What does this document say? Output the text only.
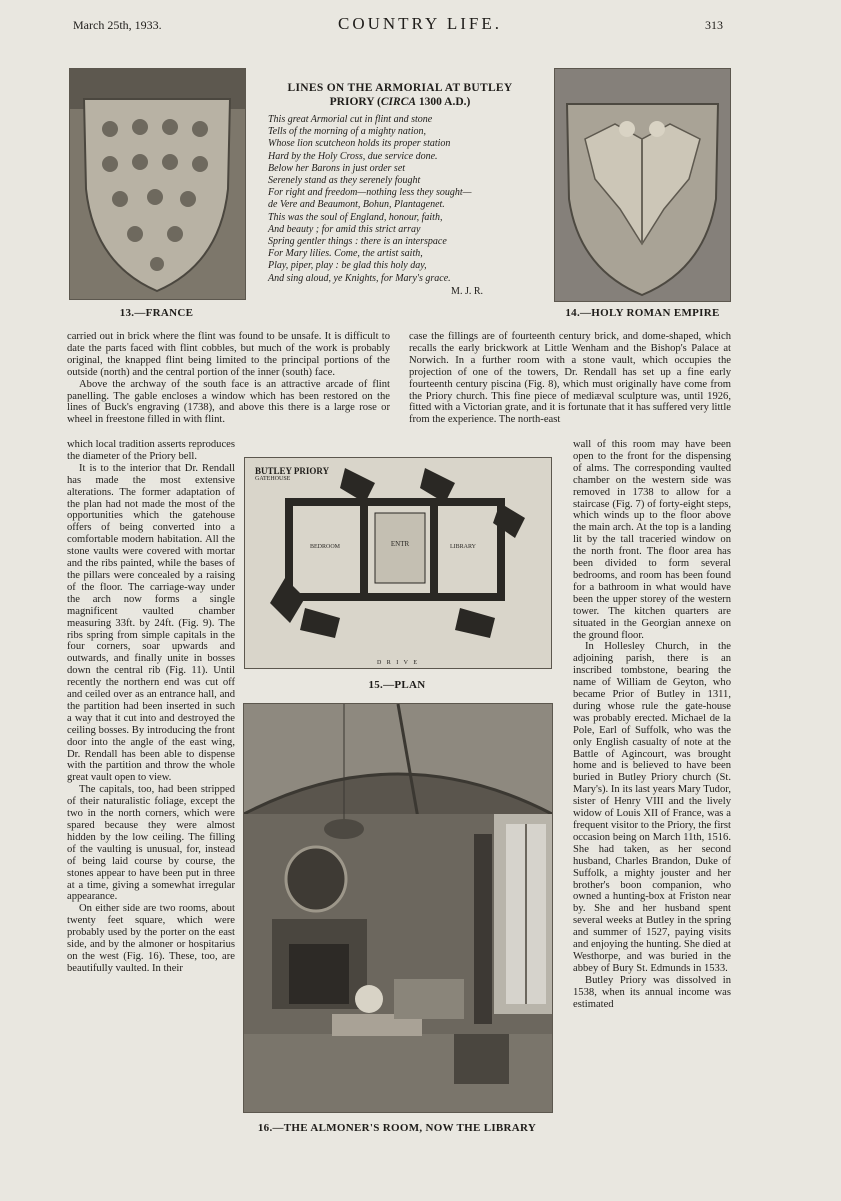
March 25th, 1933.	COUNTRY LIFE.	313
13.—FRANCE
LINES ON THE ARMORIAL AT BUTLEY
PRIORY (CIRCA 1300 A.D.)
This great Armorial cut in flint and stone
Tells of the morning of a mighty nation,
Whose lion scutcheon holds its proper station
Hard by the Holy Cross, due service done.
Below her Barons in just order set
Serenely stand as they serenely fought
For right and freedom—nothing less they sought—
de Vere and Beaumont, Bohun, Plantagenet.
This was the soul of England, honour, faith,
And beauty ; for amid this strict array
Spring gentler things : there is an interspace
For Mary lilies. Come, the artist saith,
Play, piper, play : be glad this holy day,
And sing aloud, ye Knights, for Mary's grace.
M. J. R.
14.—HOLY ROMAN EMPIRE

carried out in brick where the flint was found to be unsafe. It is difficult to date the parts faced with flint cobbles, but much of the work is probably original, the knapped flint being limited to the principal portions of the outside (north) and the central portion of the inner (south) face.

Above the archway of the south face is an attractive arcade of flint panelling. The gable encloses a window which has been restored on the lines of Buck's engraving (1738), and above this there is a large rose or wheel in freestone filled in with flint.

case the fillings are of fourteenth century brick, and dome-shaped, which recalls the early brickwork at Little Wenham and the Bishop's Palace at Norwich. In a further room with a stone vault, which occupies the projection of one of the towers, Dr. Rendall has set up a fine early fourteenth century piscina (Fig. 8), which must originally have come from the Priory church. This fine piece of mediæval sculpture was, until 1926, fitted with a Victorian grate, and it is fortunate that it has suffered very little from the experience. The north-east

which local tradition asserts reproduces the diameter of the Priory bell.

It is to the interior that Dr. Rendall has made the most extensive alterations. The former adaptation of the plan had not made the most of the opportunities which the gatehouse offers of being converted into a comfortable modern habitation. All the stone vaults were covered with mortar and the ribs painted, while the bases of the pillars were concealed by a raising of the floor. The carriage-way under the arch now forms a single magnificent vaulted chamber measuring 33ft. by 24ft. (Fig. 9). The ribs spring from simple capitals in the four corners, soar upwards and outwards, and finally unite in bosses down the central rib (Fig. 11). Until recently the northern end was cut off and ceiled over as an entrance hall, and the partition had been inserted in such a way that it cut into and destroyed the ceiling bosses. By introducing the front door into the angle of the east wing, Dr. Rendall has been able to dispense with the partition and throw the whole great vault open to view.

The capitals, too, had been stripped of their naturalistic foliage, except the two in the north corners, which were spared because they were almost hidden by the low ceiling. The filling of the vaulting is unusual, for, instead of being laid course by course, the stones appear to have been put in three at a time, giving a somewhat irregular appearance.

On either side are two rooms, about twenty feet square, which were probably used by the porter on the east side, and by the almoner or hospitarius on the west (Fig. 16). These, too, are beautifully vaulted. In their

ENTR
BEDROOM	LIBRARY
BUTLEY PRIORY
GATEHOUSE
D R I V E
15.—PLAN
16.—THE ALMONER'S ROOM, NOW THE LIBRARY

wall of this room may have been open to the front for the dispensing of alms. The corresponding vaulted chamber on the western side was removed in 1738 to allow for a staircase (Fig. 7) of forty-eight steps, which winds up to the floor above the main arch. At the top is a landing lit by the tall traceried window on the north front. The floor area has been divided to form several bedrooms, and room has been found for a bathroom in what would have been the upper storey of the western tower. The kitchen quarters are situated in the Georgian annexe on the ground floor.

In Hollesley Church, in the adjoining parish, there is an inscribed tombstone, bearing the name of William de Geyton, who became Prior of Butley in 1311, during whose rule the gate-house was probably erected. Michael de la Pole, Earl of Suffolk, who was the only English casualty of note at the Battle of Agincourt, was brought home and is believed to have been buried in Butley Priory church (St. Mary's). In its last years Mary Tudor, sister of Henry VIII and the lively widow of Louis XII of France, was a frequent visitor to the Priory, the first occasion being on March 11th, 1516. She had taken, as her second husband, Charles Brandon, Duke of Suffolk, a mighty jouster and her brother's boon companion, who owned a hunting-box at Friston near by. She and her husband spent several weeks at Butley in the spring and summer of 1527, paying visits and enjoying the hunting. She died at Westhorpe, and was buried in the abbey of Bury St. Edmunds in 1533.

Butley Priory was dissolved in 1538, when its annual income was estimated
